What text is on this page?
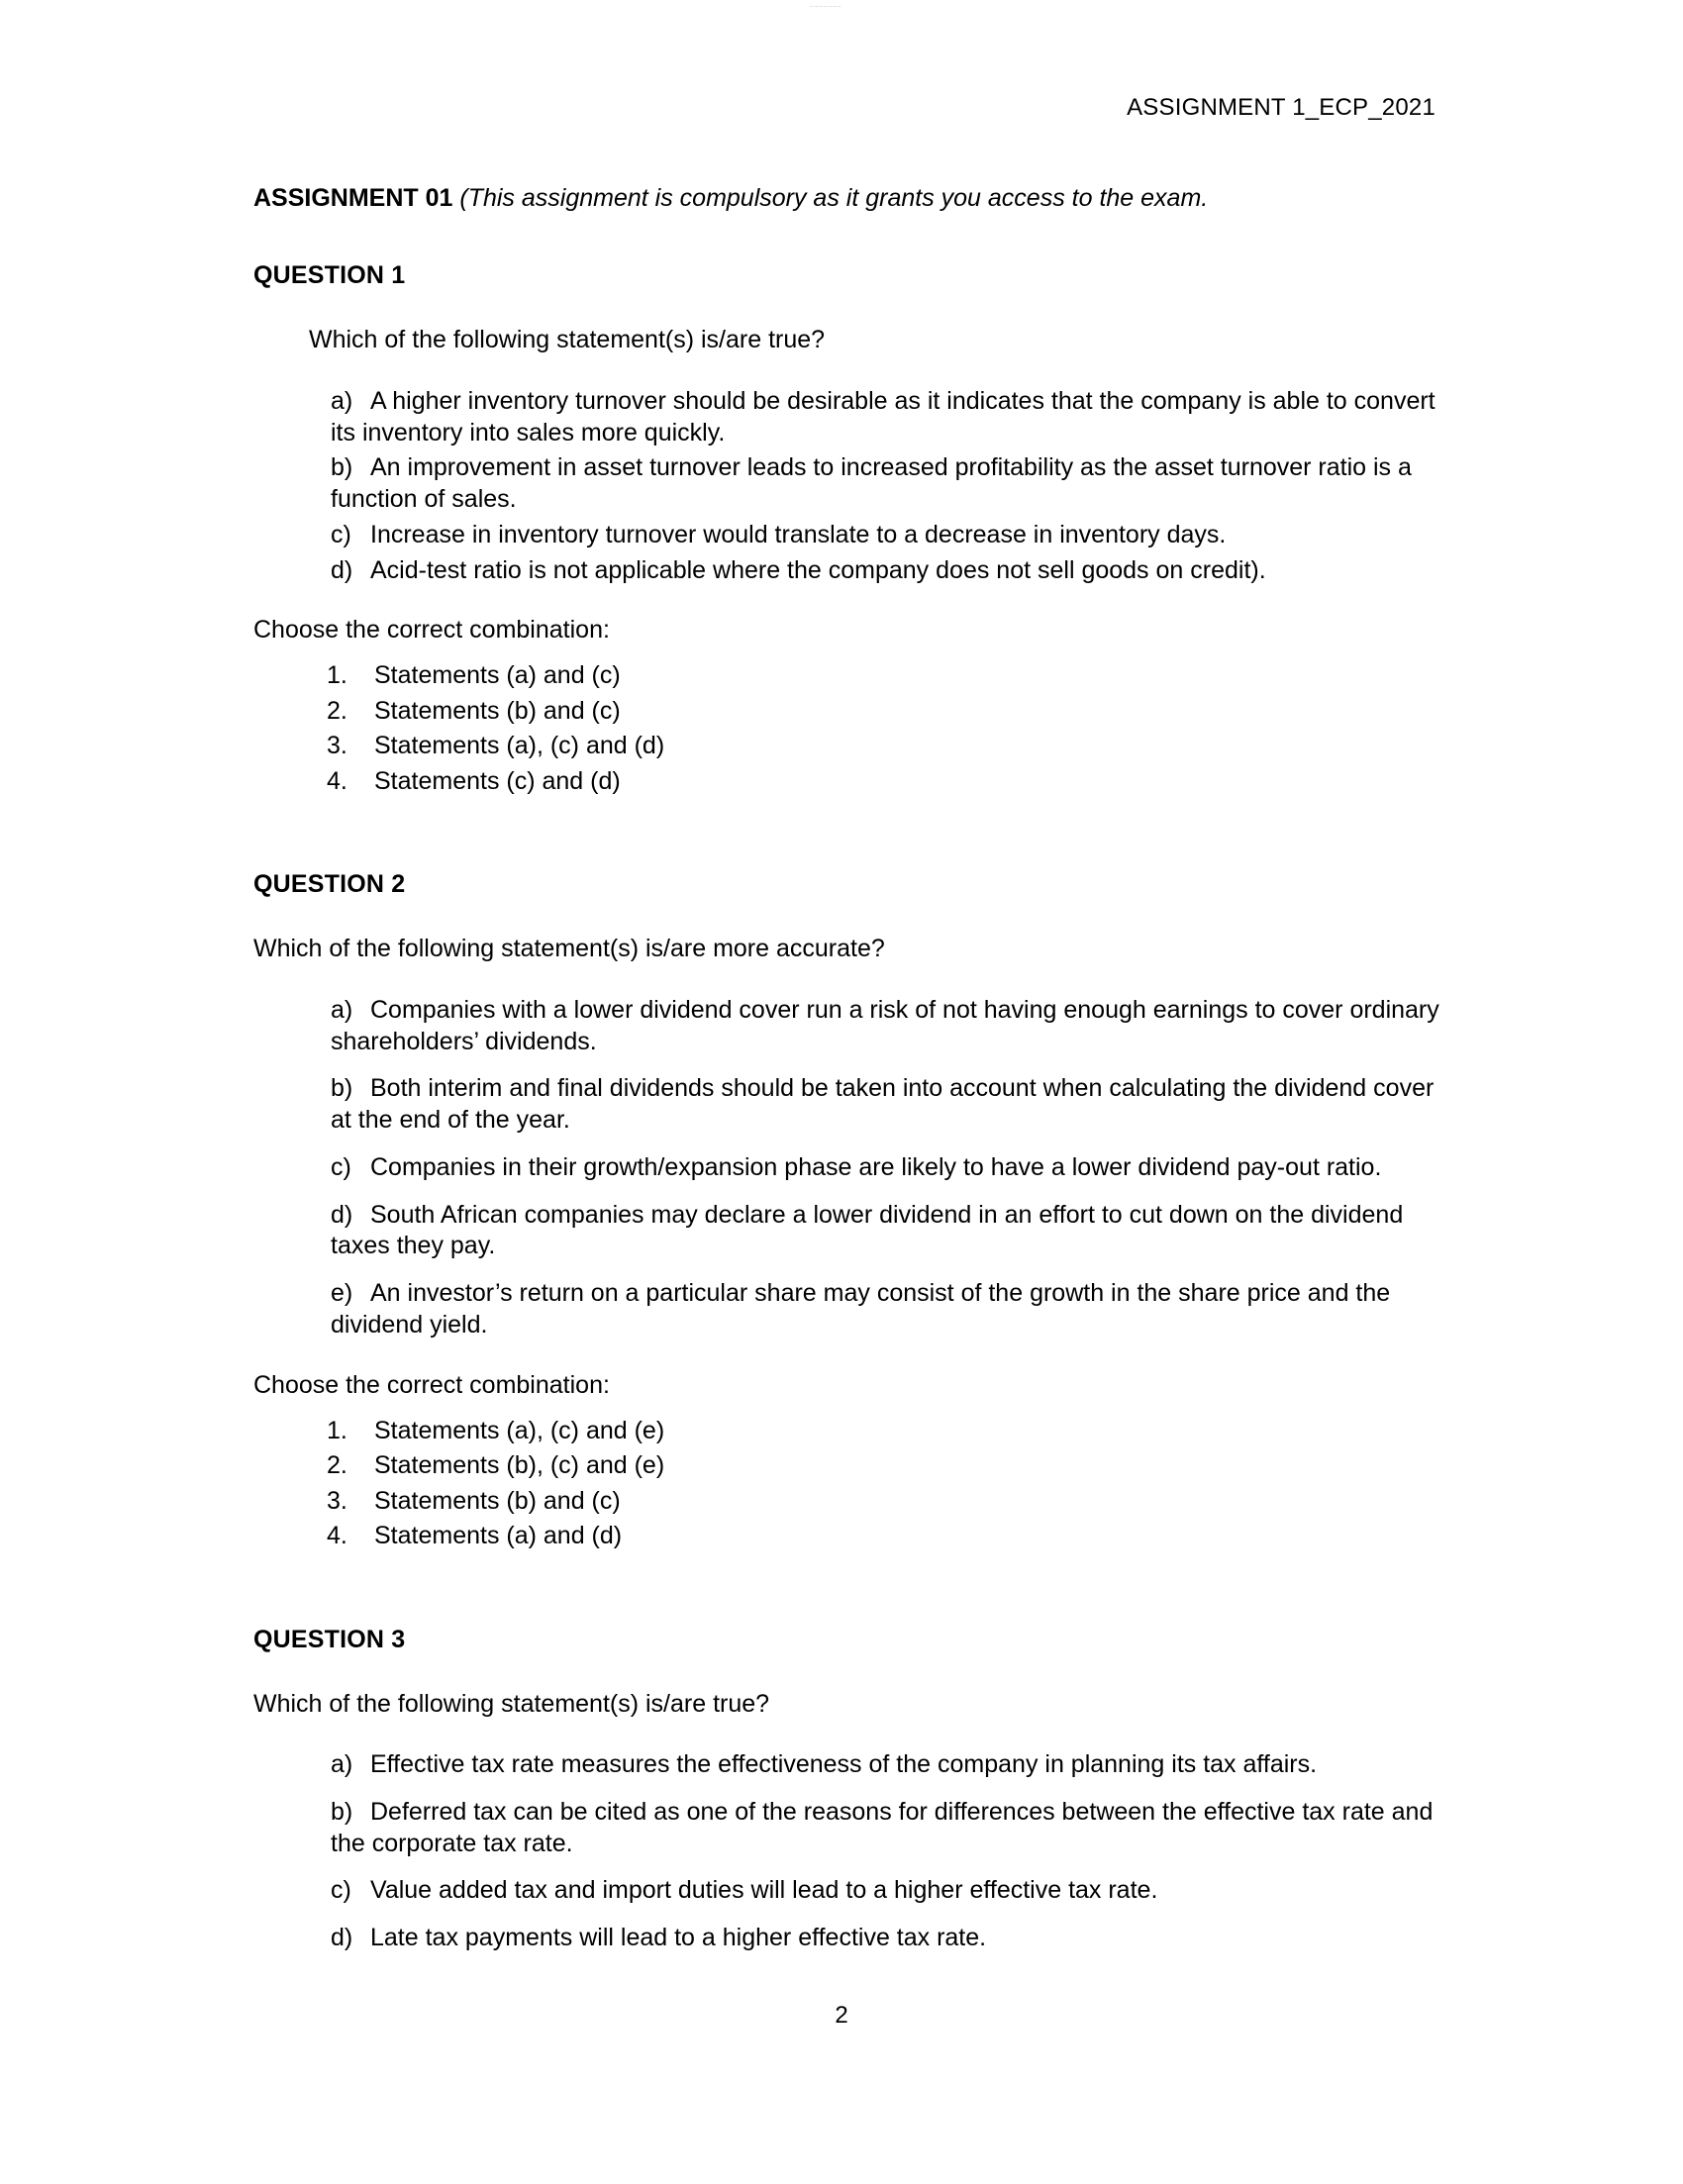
~~~~~~~
ASSIGNMENT 1_ECP_2021

ASSIGNMENT 01 (This assignment is compulsory as it grants you access to the exam.

QUESTION 1

Which of the following statement(s) is/are true?

a) A higher inventory turnover should be desirable as it indicates that the company is able to convert its inventory into sales more quickly.
b) An improvement in asset turnover leads to increased profitability as the asset turnover ratio is a function of sales.
c) Increase in inventory turnover would translate to a decrease in inventory days.
d) Acid-test ratio is not applicable where the company does not sell goods on credit).

Choose the correct combination:

1. Statements (a) and (c)
2. Statements (b) and (c)
3. Statements (a), (c) and (d)
4. Statements (c) and (d)
QUESTION 2

Which of the following statement(s) is/are more accurate?

a) Companies with a lower dividend cover run a risk of not having enough earnings to cover ordinary shareholders’ dividends.
b) Both interim and final dividends should be taken into account when calculating the dividend cover at the end of the year.
c) Companies in their growth/expansion phase are likely to have a lower dividend pay-out ratio.
d) South African companies may declare a lower dividend in an effort to cut down on the dividend taxes they pay.
e) An investor’s return on a particular share may consist of the growth in the share price and the dividend yield.

Choose the correct combination:

1. Statements (a), (c) and (e)
2. Statements (b), (c) and (e)
3. Statements (b) and (c)
4. Statements (a) and (d)
QUESTION 3

Which of the following statement(s) is/are true?

a) Effective tax rate measures the effectiveness of the company in planning its tax affairs.
b) Deferred tax can be cited as one of the reasons for differences between the effective tax rate and the corporate tax rate.
c) Value added tax and import duties will lead to a higher effective tax rate.
d) Late tax payments will lead to a higher effective tax rate.
2
